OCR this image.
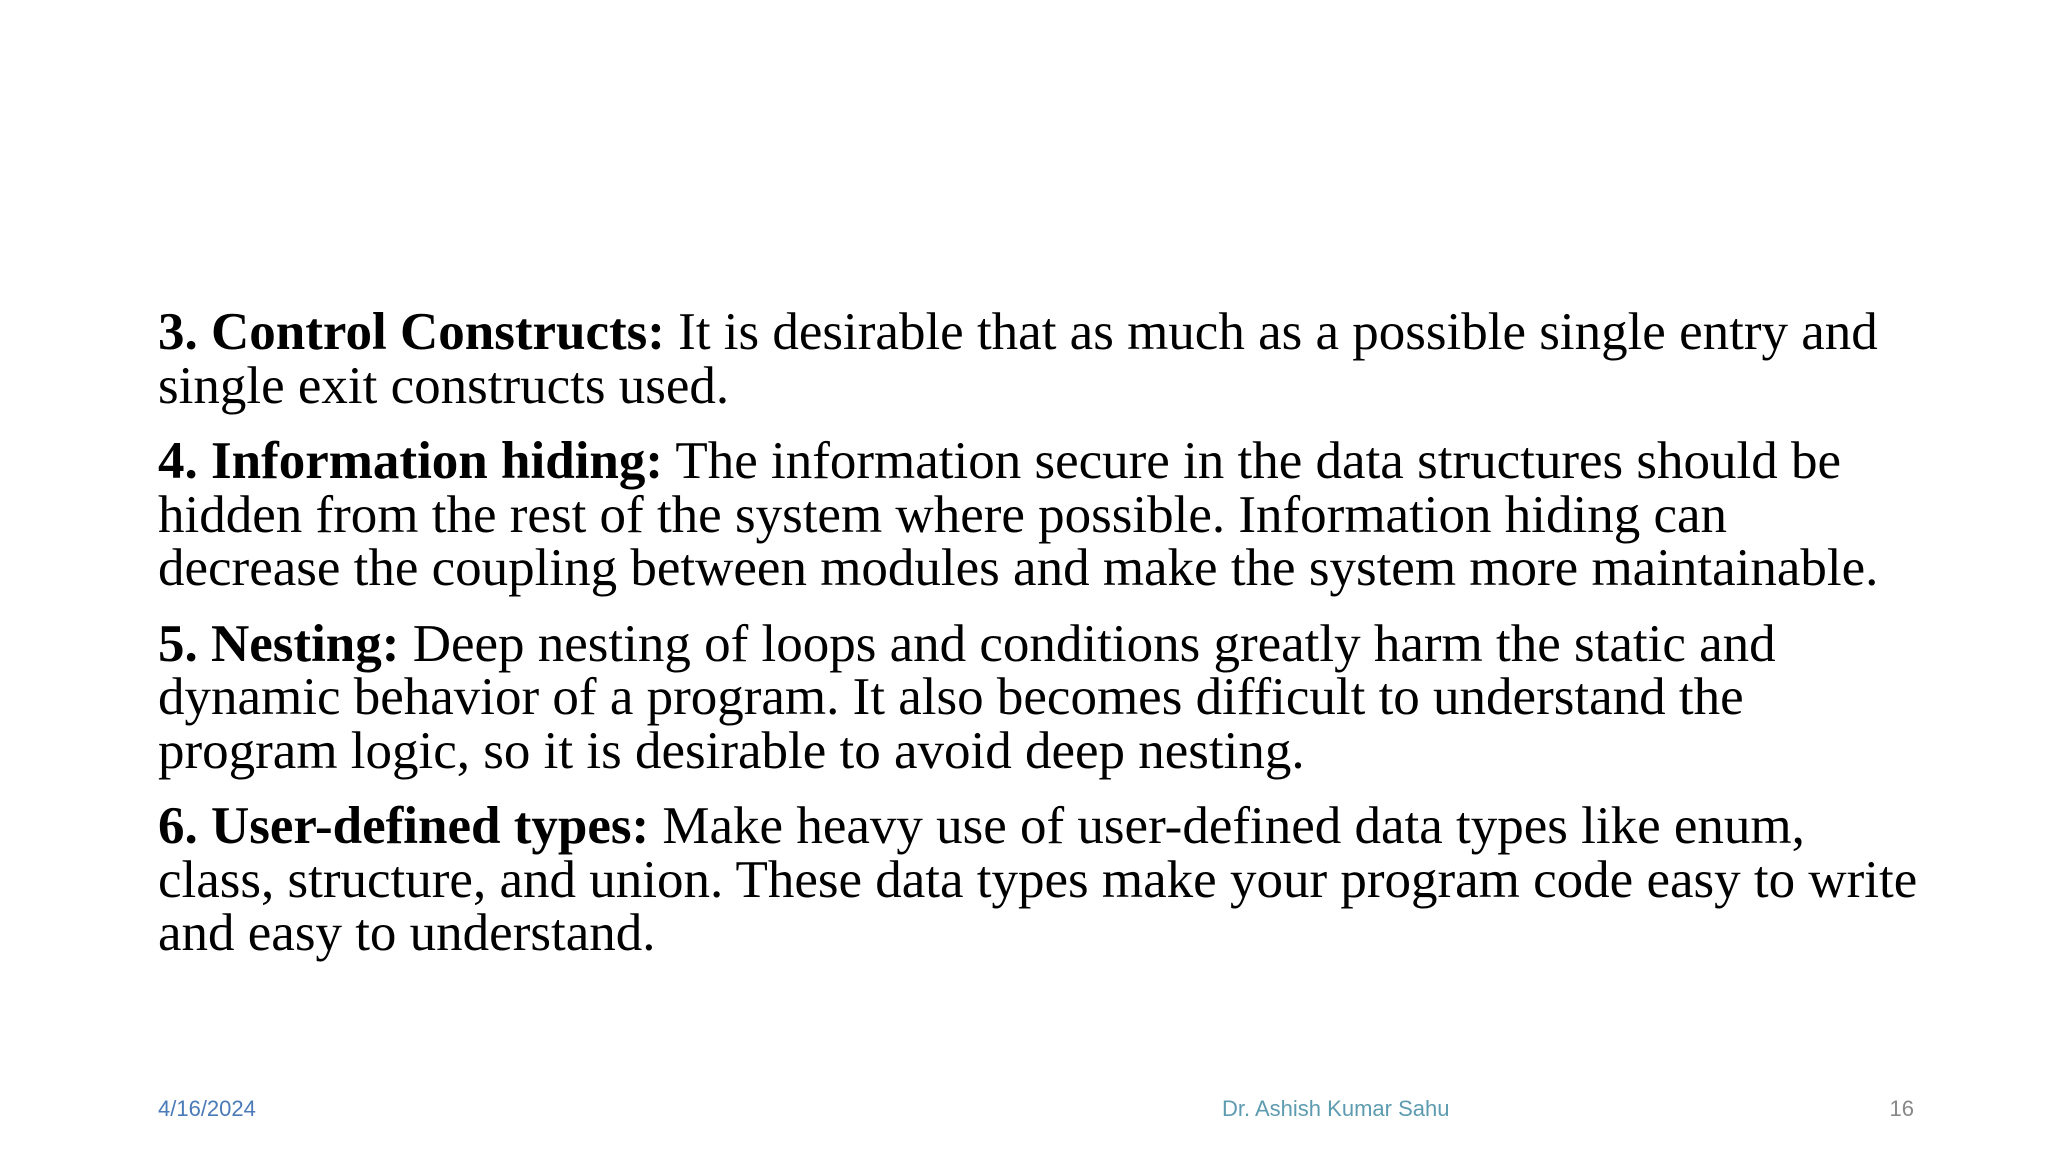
3. Control Constructs: It is desirable that as much as a possible single entry and single exit constructs used.

4. Information hiding: The information secure in the data structures should be hidden from the rest of the system where possible. Information hiding can decrease the coupling between modules and make the system more maintainable.

5. Nesting: Deep nesting of loops and conditions greatly harm the static and dynamic behavior of a program. It also becomes difficult to understand the program logic, so it is desirable to avoid deep nesting.

6. User-defined types: Make heavy use of user-defined data types like enum, class, structure, and union. These data types make your program code easy to write and easy to understand.

4/16/2024	Dr. Ashish Kumar Sahu	16
